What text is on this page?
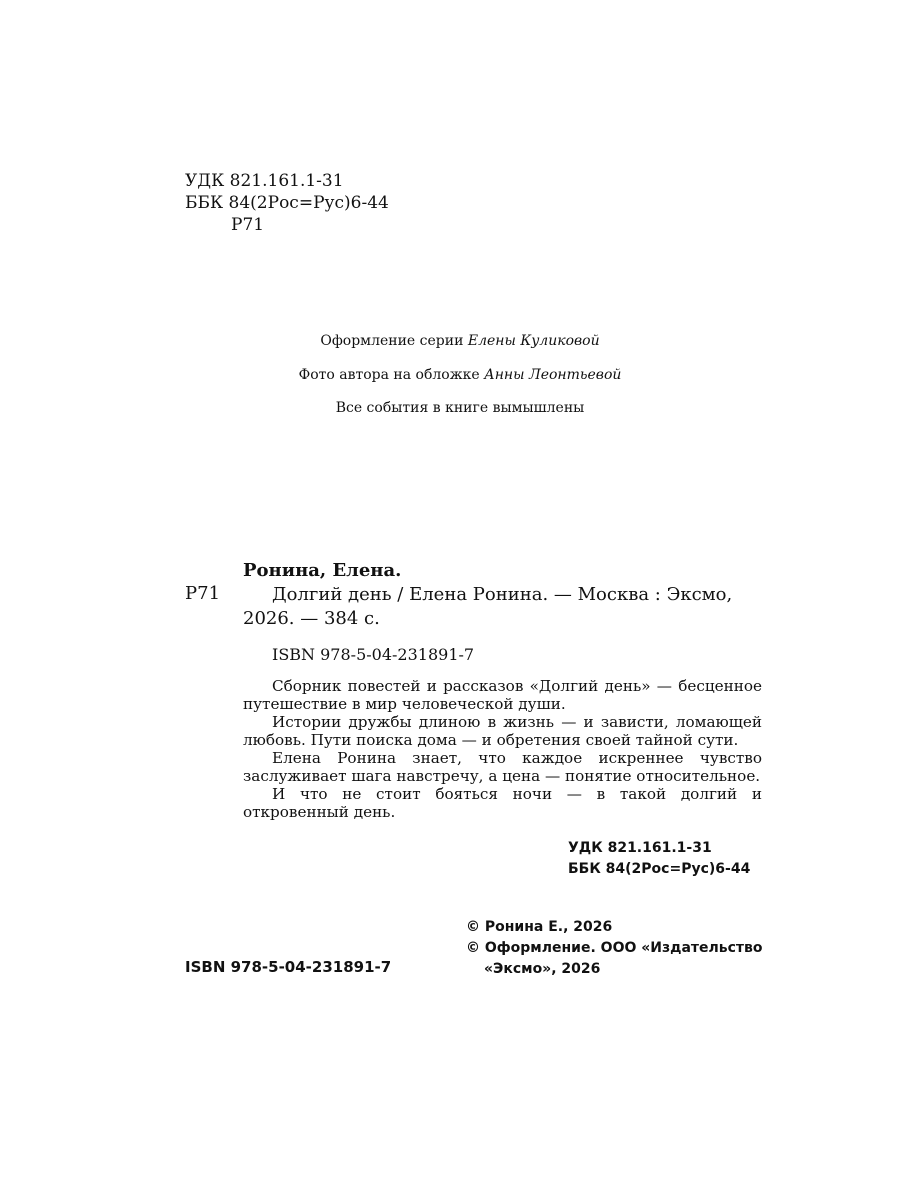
УДК 821.161.1-31
ББК 84(2Рос=Рус)6-44
Р71
Оформление серии Елены Куликовой
Фото автора на обложке Анны Леонтьевой
Все события в книге вымышлены
Ронина, Елена.
Р71	Долгий день / Елена Ронина. — Москва : Эксмо, 2026. — 384 с.
ISBN 978-5-04-231891-7

Сборник повестей и рассказов «Долгий день» — бесценное путешествие в мир человеческой души.

Истории дружбы длиною в жизнь — и зависти, ломающей любовь. Пути поиска дома — и обретения своей тайной сути.

Елена Ронина знает, что каждое искреннее чувство заслуживает шага навстречу, а цена — понятие относительное.

И что не стоит бояться ночи — в такой долгий и откровенный день.

УДК 821.161.1-31
ББК 84(2Рос=Рус)6-44
© Ронина Е., 2026
© Оформление. ООО «Издательство
«Эксмо», 2026
ISBN 978-5-04-231891-7
